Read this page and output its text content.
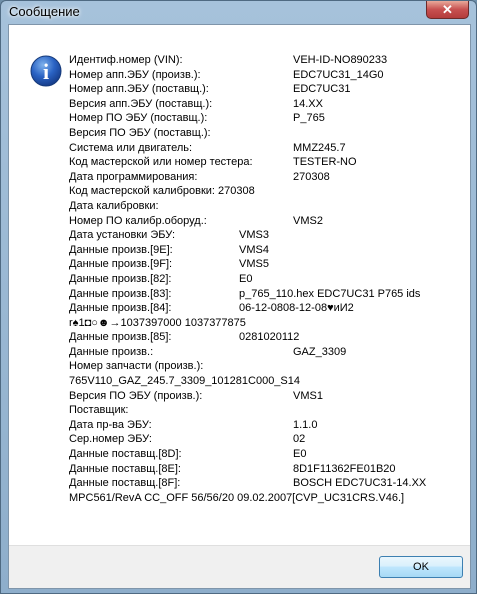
Сообщение	✕
i Идентиф.номер (VIN):	VEH-ID-NO890233
Номер апп.ЭБУ (произв.):	EDC7UC31_14G0
Номер апп.ЭБУ (поставщ.):	EDC7UC31
Версия апп.ЭБУ (поставщ.):	14.XX
Номер ПО ЭБУ (поставщ.):	P_765
Версия ПО ЭБУ (поставщ.):
Система или двигатель:	MMZ245.7
Код мастерской или номер тестера:	TESTER-NO
Дата программирования:	270308
Код мастерской калибровки: 270308
Дата калибровки:
Номер ПО калибр.оборуд.:	VMS2
Дата установки ЭБУ:	VMS3
Данные произв.[9E]:	VMS4
Данные произв.[9F]:	VMS5
Данные произв.[82]:	E0
Данные произв.[83]:	p_765_110.hex EDC7UC31 P765 ids
Данные произв.[84]:	06-12-0808-12-08♥иИ2
r♠1◘○☻→1037397000 1037377875
Данные произв.[85]:	0281020112
Данные произв.:	GAZ_3309
Номер запчасти (произв.):
765V110_GAZ_245.7_3309_101281C000_S14
Версия ПО ЭБУ (произв.):	VMS1
Поставщик:
Дата пр-ва ЭБУ:	1.1.0
Сер.номер ЭБУ:	02
Данные поставщ.[8D]:	E0
Данные поставщ.[8E]:	8D1F11362FE01B20
Данные поставщ.[8F]:	BOSCH EDC7UC31-14.XX
MPC561/RevA CC_OFF 56/56/20 09.02.2007[CVP_UC31CRS.V46.]
OK
